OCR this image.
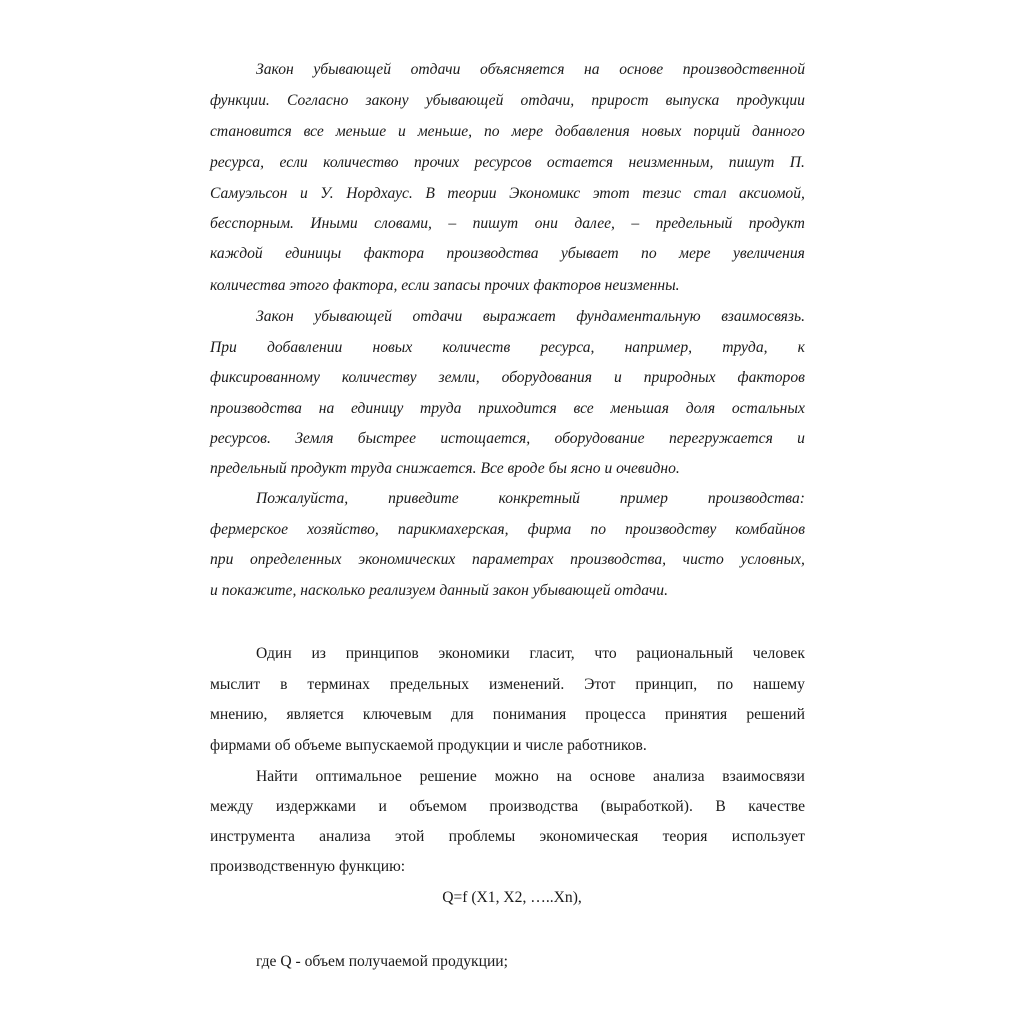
Закон убывающей отдачи объясняется на основе производственной
функции. Согласно закону убывающей отдачи, прирост выпуска продукции
становится все меньше и меньше, по мере добавления новых порций данного
ресурса, если количество прочих ресурсов остается неизменным, пишут П.
Самуэльсон и У. Нордхаус. В теории Экономикс этот тезис стал аксиомой,
бесспорным. Иными словами, – пишут они далее, – предельный продукт
каждой единицы фактора производства убывает по мере увеличения
количества этого фактора, если запасы прочих факторов неизменны.
Закон убывающей отдачи выражает фундаментальную взаимосвязь.
При добавлении новых количеств ресурса, например, труда, к
фиксированному количеству земли, оборудования и природных факторов
производства на единицу труда приходится все меньшая доля остальных
ресурсов. Земля быстрее истощается, оборудование перегружается и
предельный продукт труда снижается. Все вроде бы ясно и очевидно.
Пожалуйста,	приведите	конкретный	пример	производства:
фермерское хозяйство, парикмахерская, фирма по производству комбайнов
при определенных экономических параметрах производства, чисто условных,
и покажите, насколько реализуем данный закон убывающей отдачи.
Один из принципов экономики гласит, что рациональный человек
мыслит в терминах предельных изменений. Этот принцип, по нашему
мнению, является ключевым для понимания процесса принятия решений
фирмами об объеме выпускаемой продукции и числе работников.
Найти оптимальное решение можно на основе анализа взаимосвязи
между издержками и объемом производства (выработкой). В качестве
инструмента анализа этой проблемы экономическая теория использует
производственную функцию:
Q=f (X1, X2, …..Xn),
где Q - объем получаемой продукции;
